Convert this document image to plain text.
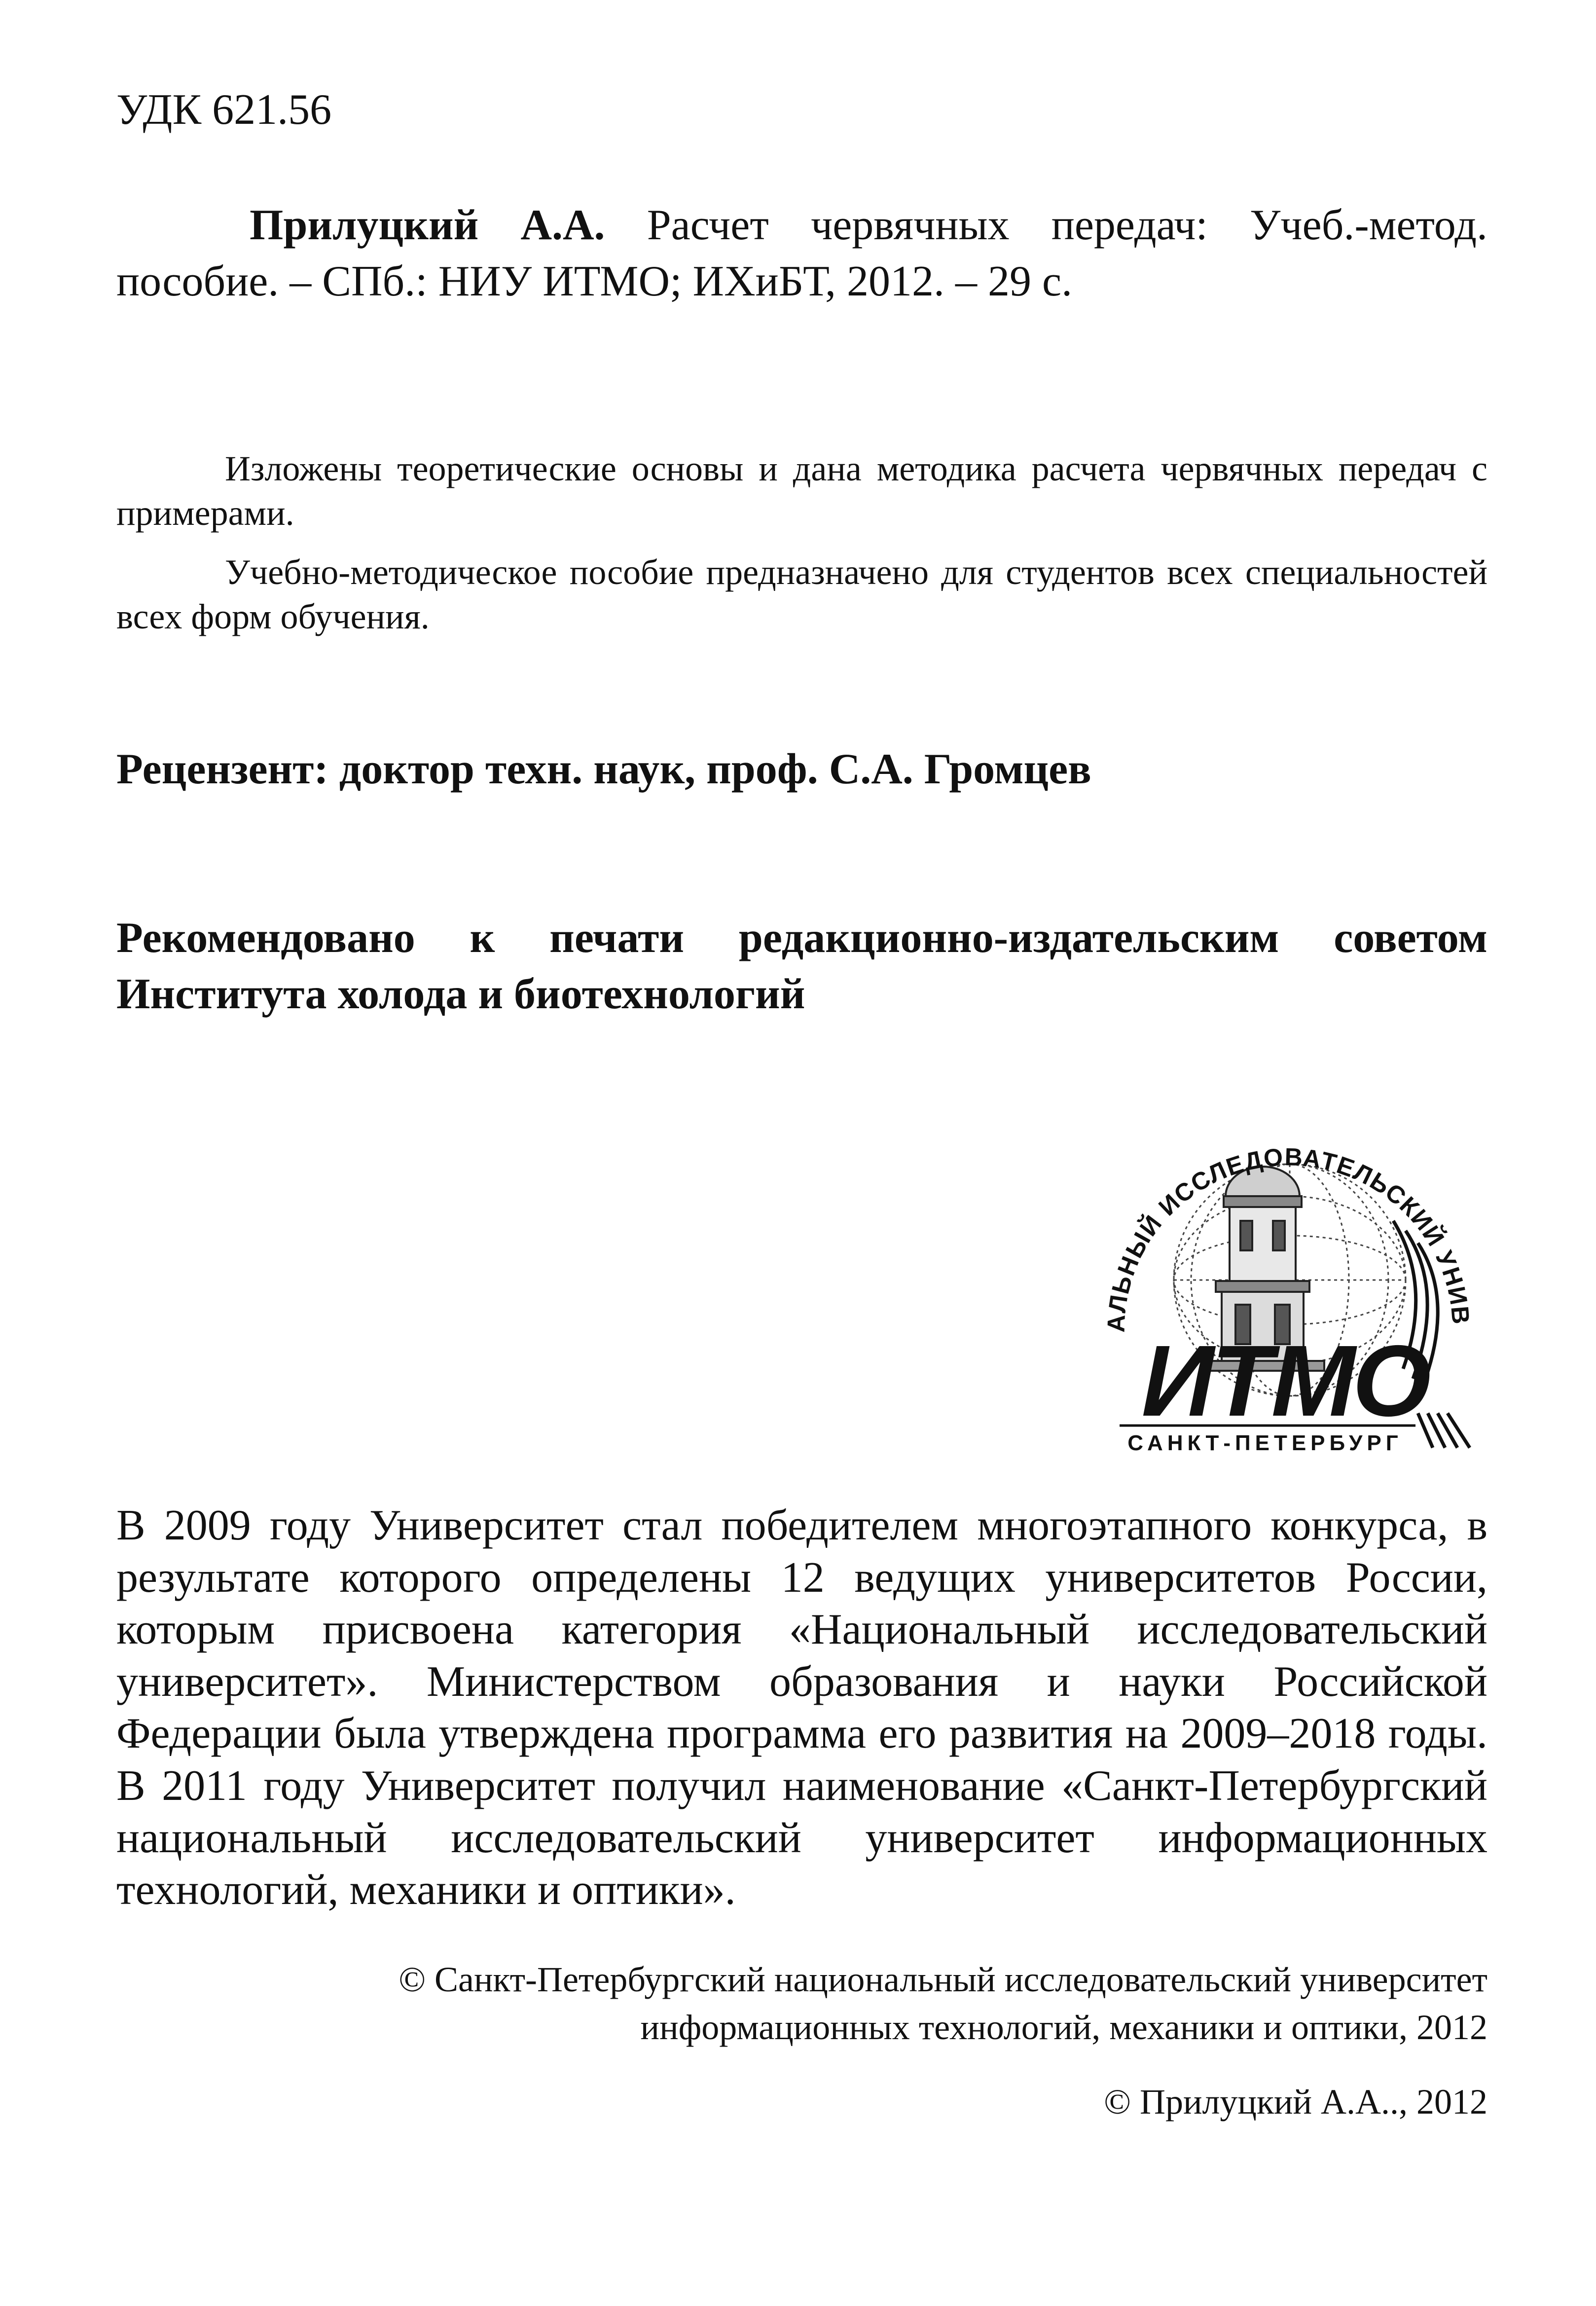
УДК 621.56

Прилуцкий А.А. Расчет червячных передач: Учеб.-метод. пособие. – СПб.: НИУ ИТМО; ИХиБТ, 2012. – 29 с.

Изложены теоретические основы и дана методика расчета червячных передач с примерами.

Учебно-методическое пособие предназначено для студентов всех специальностей всех форм обучения.

Рецензент: доктор техн. наук, проф. С.А. Громцев
Рекомендовано к печати редакционно-издательским советом Института холода и биотехнологий
АЛЬНЫЙ ИССЛЕДОВАТЕЛЬСКИЙ УНИВ
ИТМО
САНКТ-ПЕТЕРБУРГ

В 2009 году Университет стал победителем многоэтапного конкурса, в результате которого определены 12 ведущих университетов России, которым присвоена категория «Национальный исследовательский университет». Министерством образования и науки Российской Федерации была утверждена программа его развития на 2009–2018 годы. В 2011 году Университет получил наименование «Санкт-Петербургский национальный исследовательский университет информационных технологий, механики и оптики».

© Санкт-Петербургский национальный исследовательский университет информационных технологий, механики и оптики, 2012
© Прилуцкий А.А.., 2012
